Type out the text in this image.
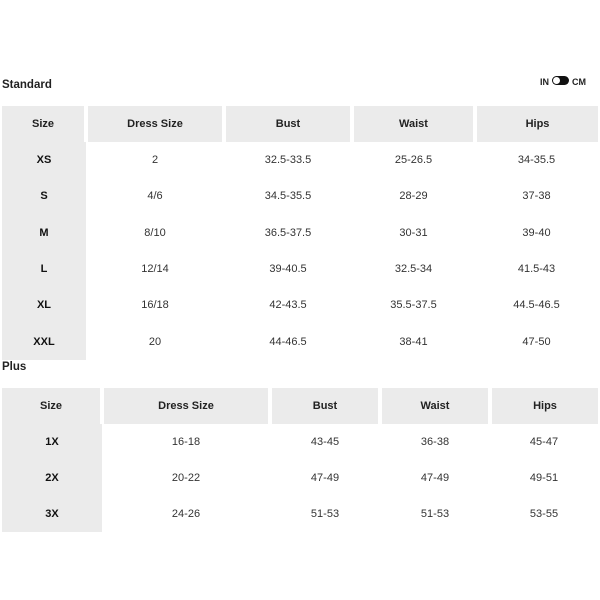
Standard	IN	CM
Size	Dress Size	Bust	Waist	Hips
XS	2	32.5-33.5	25-26.5	34-35.5
S	4/6	34.5-35.5	28-29	37-38
M	8/10	36.5-37.5	30-31	39-40
L	12/14	39-40.5	32.5-34	41.5-43
XL	16/18	42-43.5	35.5-37.5	44.5-46.5
XXL	20	44-46.5	38-41	47-50
Plus
Size	Dress Size	Bust	Waist	Hips
1X	16-18	43-45	36-38	45-47
2X	20-22	47-49	47-49	49-51
3X	24-26	51-53	51-53	53-55
